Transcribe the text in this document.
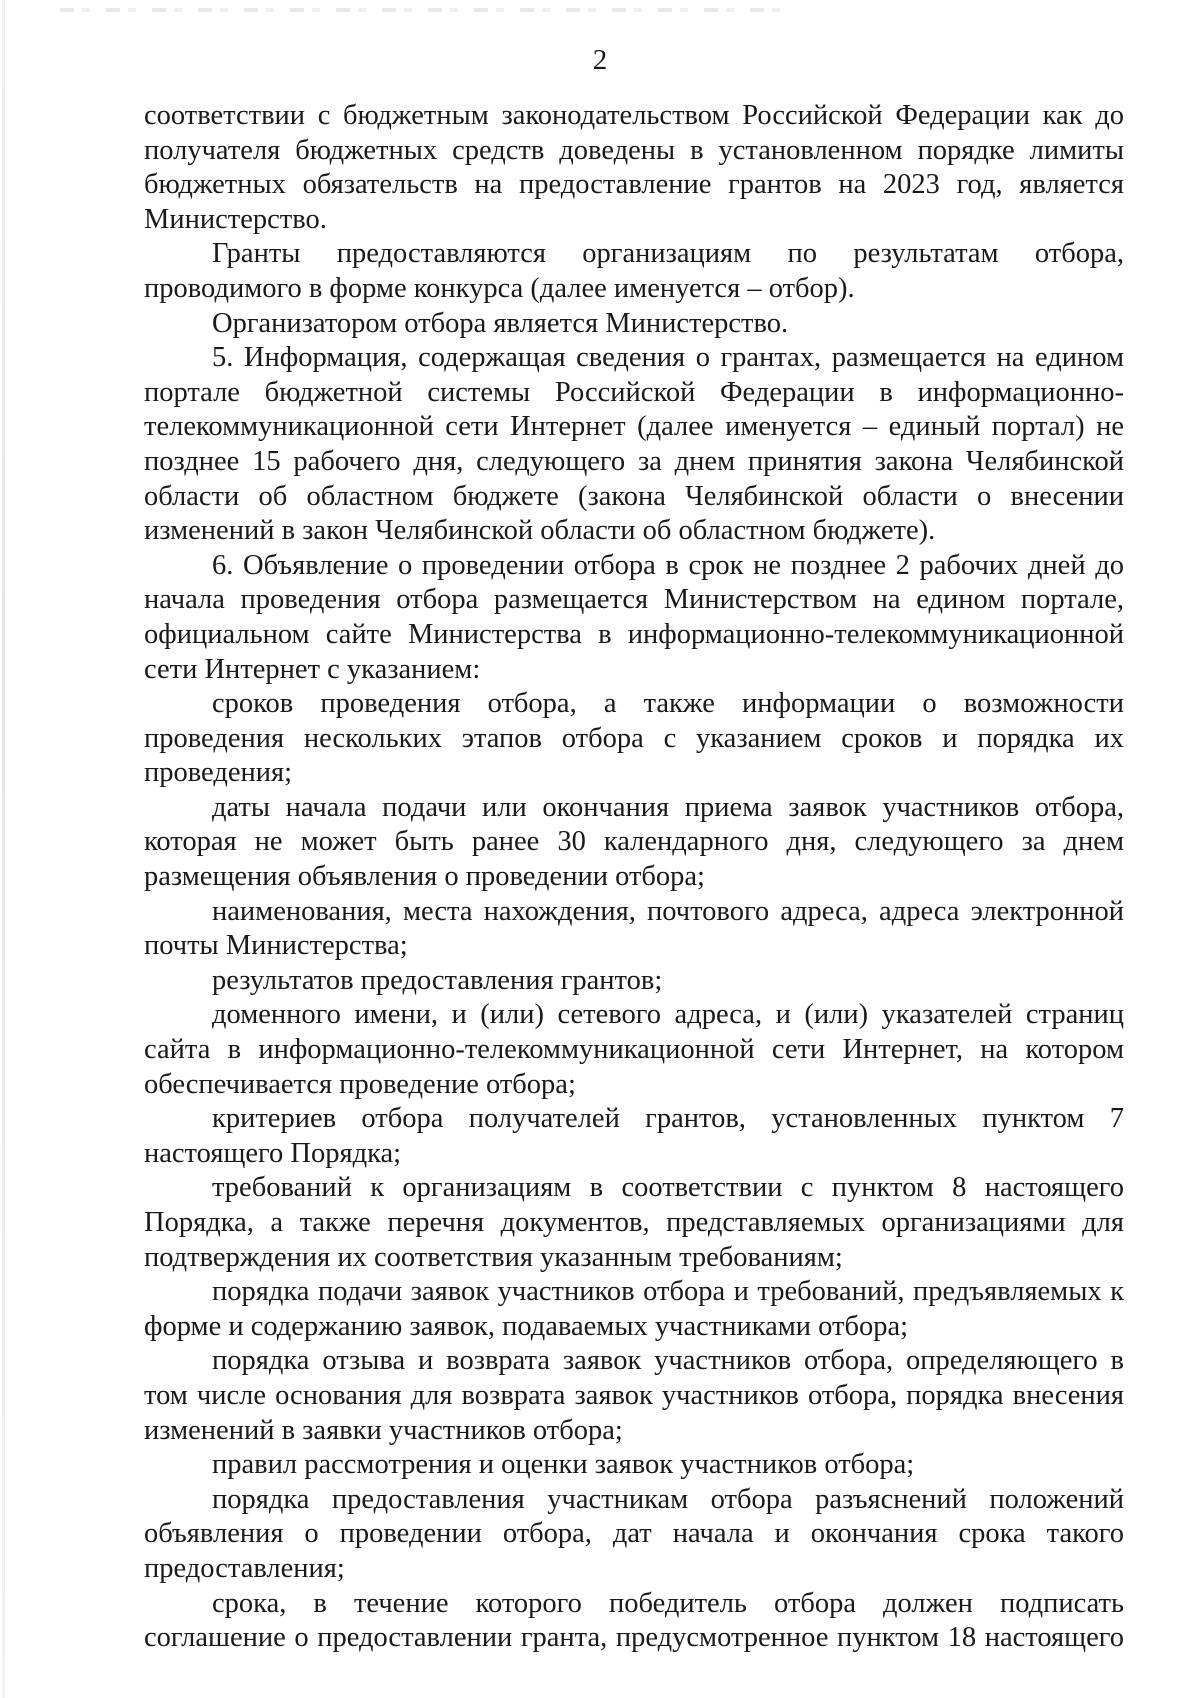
2

соответствии с бюджетным законодательством Российской Федерации как до получателя бюджетных средств доведены в установленном порядке лимиты бюджетных обязательств на предоставление грантов на 2023 год, является Министерство.

Гранты предоставляются организациям по результатам отбора, проводимого в форме конкурса (далее именуется – отбор).

Организатором отбора является Министерство.

5. Информация, содержащая сведения о грантах, размещается на едином портале бюджетной системы Российской Федерации в информационно-телекоммуникационной сети Интернет (далее именуется – единый портал) не позднее 15 рабочего дня, следующего за днем принятия закона Челябинской области об областном бюджете (закона Челябинской области о внесении изменений в закон Челябинской области об областном бюджете).

6. Объявление о проведении отбора в срок не позднее 2 рабочих дней до начала проведения отбора размещается Министерством на едином портале, официальном сайте Министерства в информационно-телекоммуникационной сети Интернет с указанием:

сроков проведения отбора, а также информации о возможности проведения нескольких этапов отбора с указанием сроков и порядка их проведения;

даты начала подачи или окончания приема заявок участников отбора, которая не может быть ранее 30 календарного дня, следующего за днем размещения объявления о проведении отбора;

наименования, места нахождения, почтового адреса, адреса электронной почты Министерства;

результатов предоставления грантов;

доменного имени, и (или) сетевого адреса, и (или) указателей страниц сайта в информационно-телекоммуникационной сети Интернет, на котором обеспечивается проведение отбора;

критериев отбора получателей грантов, установленных пунктом 7 настоящего Порядка;

требований к организациям в соответствии с пунктом 8 настоящего Порядка, а также перечня документов, представляемых организациями для подтверждения их соответствия указанным требованиям;

порядка подачи заявок участников отбора и требований, предъявляемых к форме и содержанию заявок, подаваемых участниками отбора;

порядка отзыва и возврата заявок участников отбора, определяющего в том числе основания для возврата заявок участников отбора, порядка внесения изменений в заявки участников отбора;

правил рассмотрения и оценки заявок участников отбора;

порядка предоставления участникам отбора разъяснений положений объявления о проведении отбора, дат начала и окончания срока такого предоставления;

срока, в течение которого победитель отбора должен подписать соглашение о предоставлении гранта, предусмотренное пунктом 18 настоящего
